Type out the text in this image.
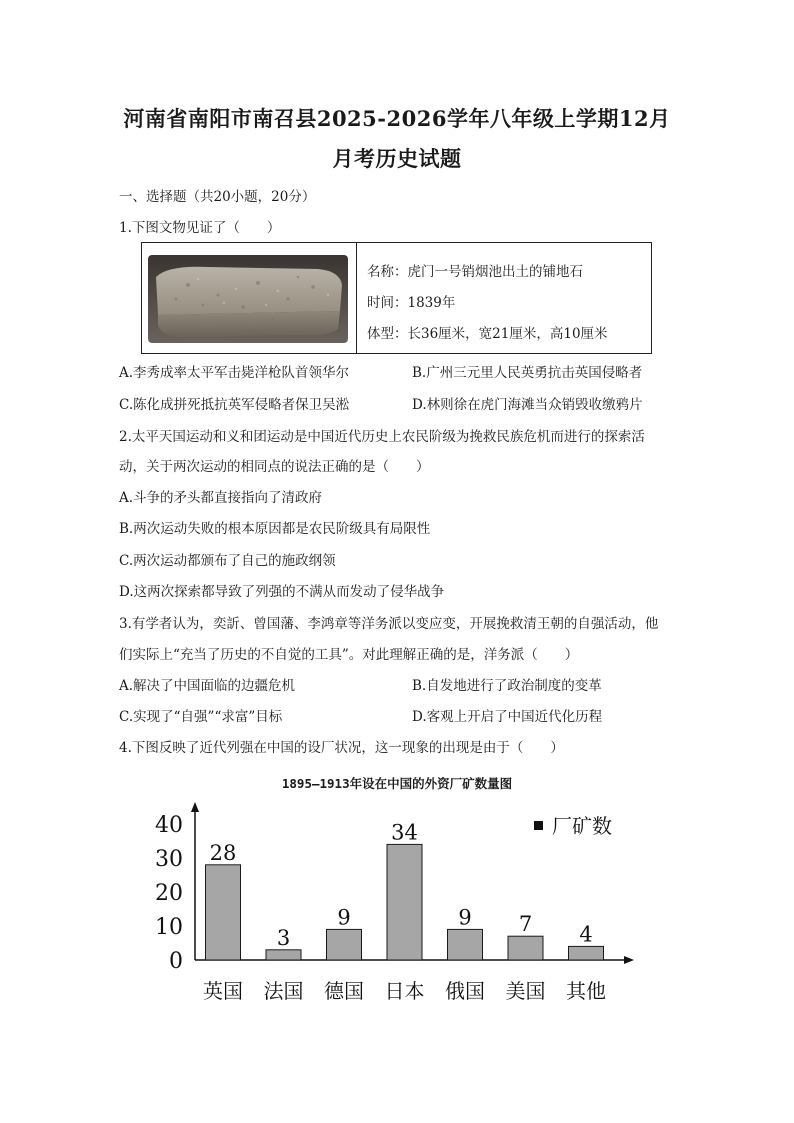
河南省南阳市南召县2025-2026学年八年级上学期12月
月考历史试题
一、选择题（共20小题，20分）
1.下图文物见证了（　　）
名称：虎门一号销烟池出土的铺地石
时间：1839年
体型：长36厘米，宽21厘米，高10厘米
A.李秀成率太平军击毙洋枪队首领华尔	B.广州三元里人民英勇抗击英国侵略者
C.陈化成拼死抵抗英军侵略者保卫吴淞	D.林则徐在虎门海滩当众销毁收缴鸦片
2.太平天国运动和义和团运动是中国近代历史上农民阶级为挽救民族危机而进行的探索活
动，关于两次运动的相同点的说法正确的是（　　）
A.斗争的矛头都直接指向了清政府
B.两次运动失败的根本原因都是农民阶级具有局限性
C.两次运动都颁布了自己的施政纲领
D.这两次探索都导致了列强的不满从而发动了侵华战争
3.有学者认为，奕訢、曾国藩、李鸿章等洋务派以变应变，开展挽救清王朝的自强活动，他
们实际上“充当了历史的不自觉的工具”。对此理解正确的是，洋务派（　　）
A.解决了中国面临的边疆危机	B.自发地进行了政治制度的变革
C.实现了“自强”“求富”目标	D.客观上开启了中国近代化历程
4.下图反映了近代列强在中国的设厂状况，这一现象的出现是由于（　　）
1895–1913年设在中国的外资厂矿数量图
0
10
20
30
40
28
英国
3
法国
9
德国
34
日本
9
俄国
7
美国
4
其他
厂矿数
